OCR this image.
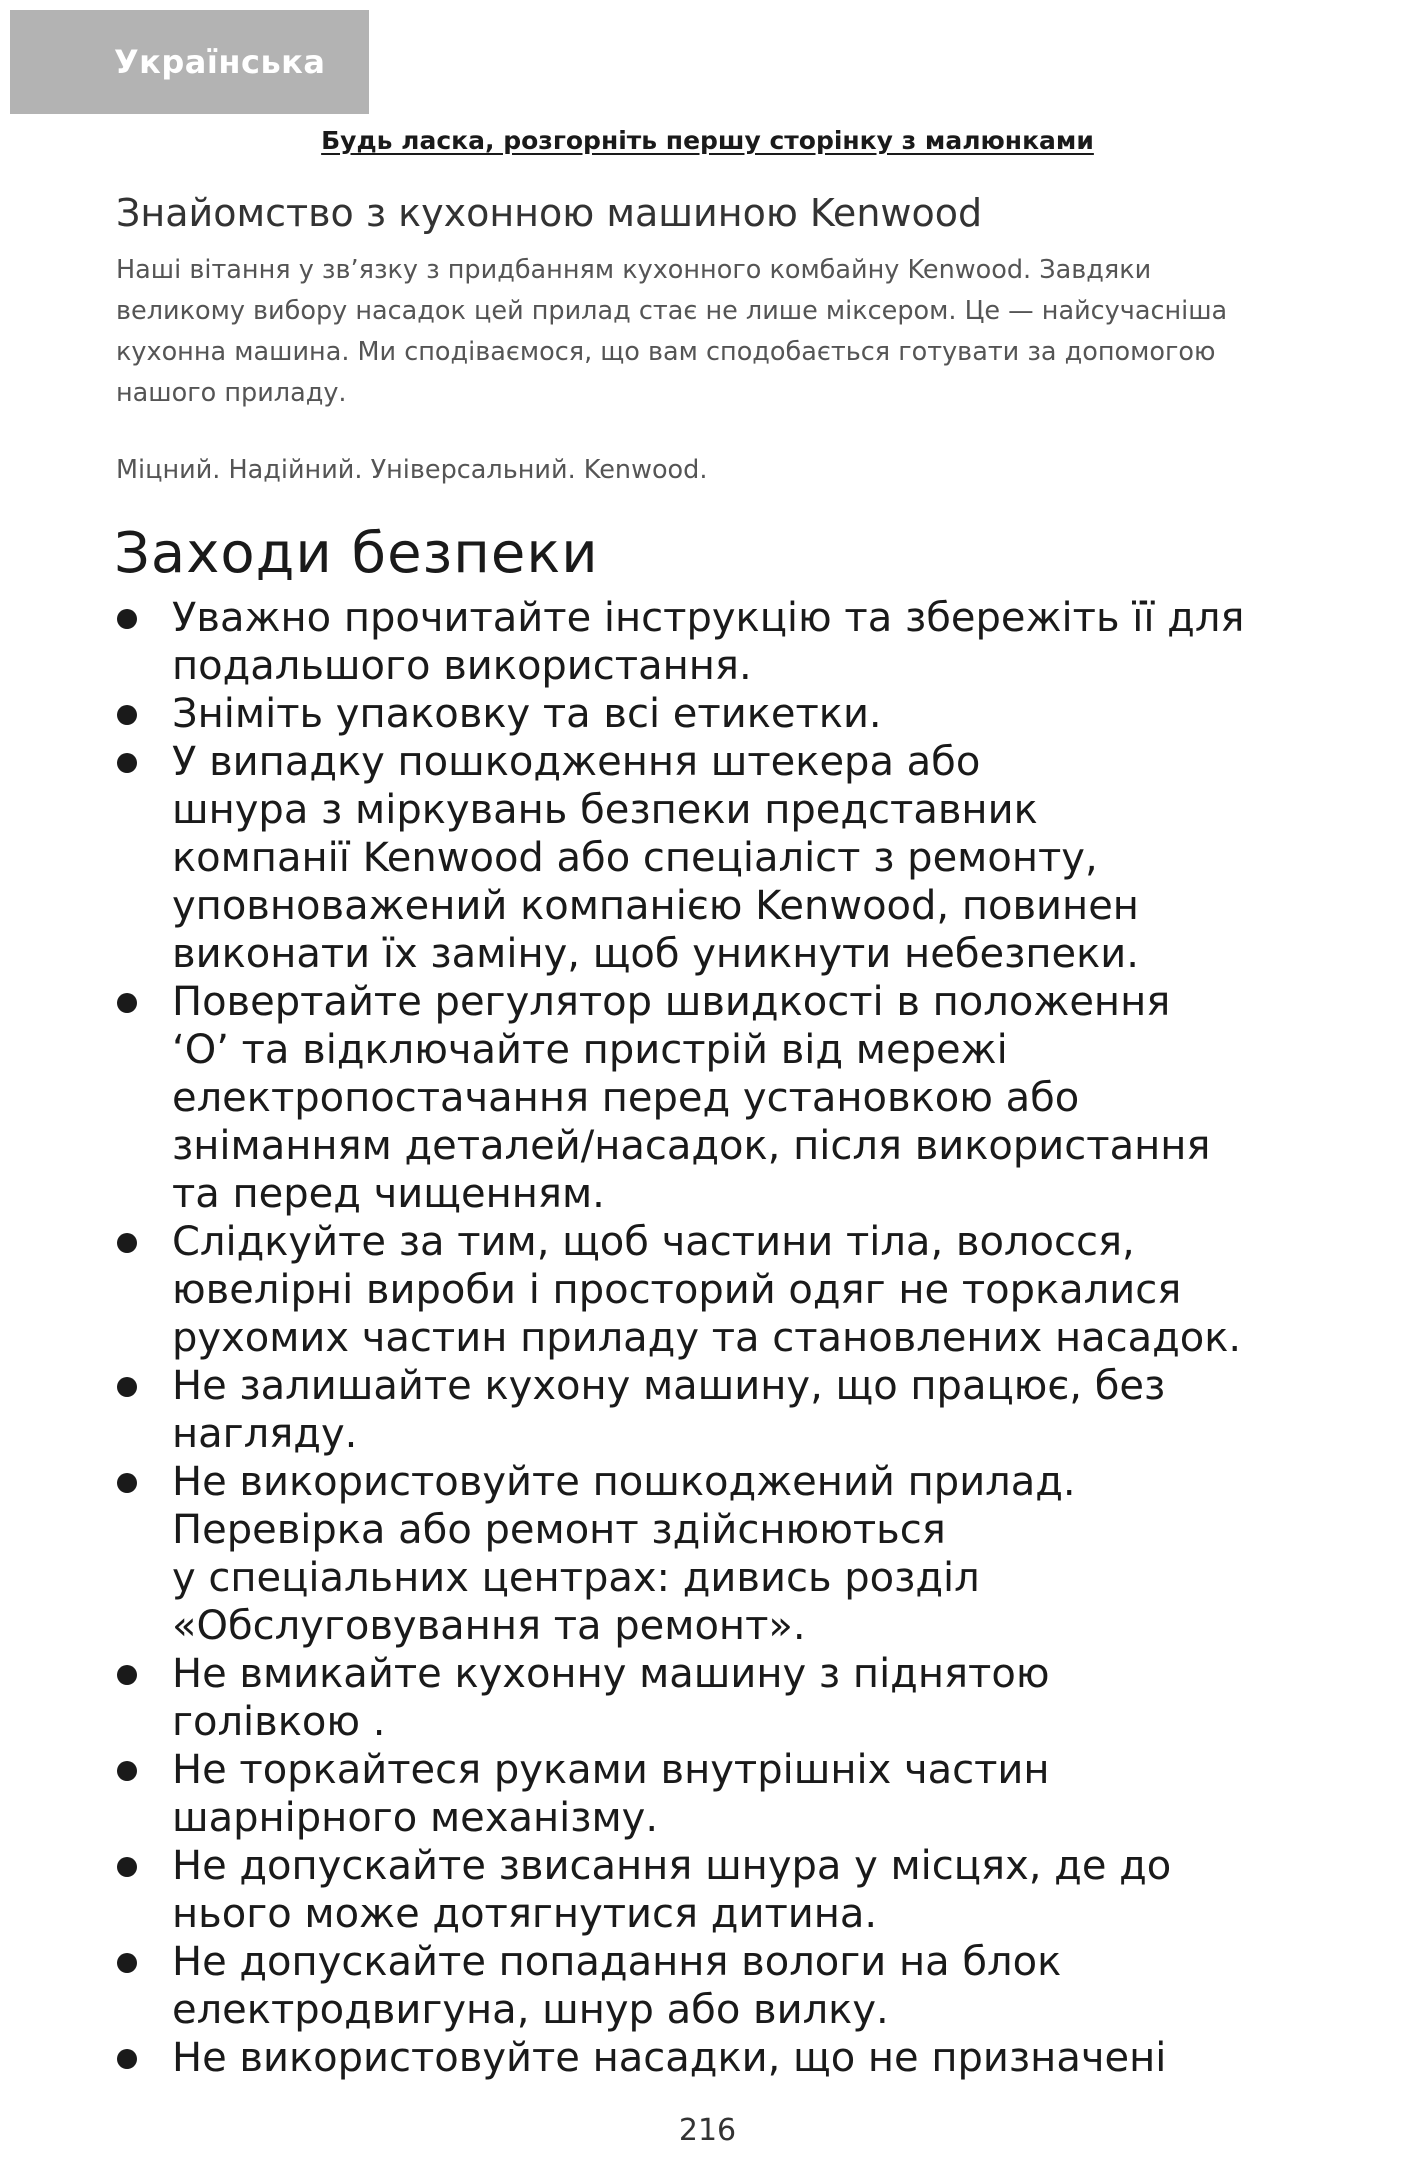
Українська
Будь ласка, розгорніть першу сторінку з малюнками
Знайомство з кухонною машиною Kenwood

Наші вітання у зв’язку з придбанням кухонного комбайну Kenwood. Завдяки
великому вибору насадок цей прилад стає не лише міксером. Це — найсучасніша
кухонна машина. Ми сподіваємося, що вам сподобається готувати за допомогою
нашого приладу.

Міцний. Надійний. Універсальний. Kenwood.

Заходи безпеки
Уважно прочитайте інструкцію та збережіть її для
подальшого використання.
Зніміть упаковку та всі етикетки.
У випадку пошкодження штекера або
шнура з міркувань безпеки представник
компанії Kenwood або спеціаліст з ремонту,
уповноважений компанією Kenwood, повинен
виконати їх заміну, щоб уникнути небезпеки.
Повертайте регулятор швидкості в положення
‘O’ та відключайте пристрій від мережі
електропостачання перед установкою або
зніманням деталей/насадок, після використання
та перед чищенням.
Слідкуйте за тим, щоб частини тіла, волосся,
ювелірні вироби і просторий одяг не торкалися
рухомих частин приладу та становлених насадок.
Не залишайте кухону машину, що працює, без
нагляду.
Не використовуйте пошкоджений прилад.
Перевірка або ремонт здійснюються
у спеціальних центрах: дивись розділ
«Обслуговування та ремонт».
Не вмикайте кухонну машину з піднятою
голівкою .
Не торкайтеся руками внутрішніх частин
шарнірного механізму.
Не допускайте звисання шнура у місцях, де до
нього може дотягнутися дитина.
Не допускайте попадання вологи на блок
електродвигуна, шнур або вилку.
Не використовуйте насадки, що не призначені
216
